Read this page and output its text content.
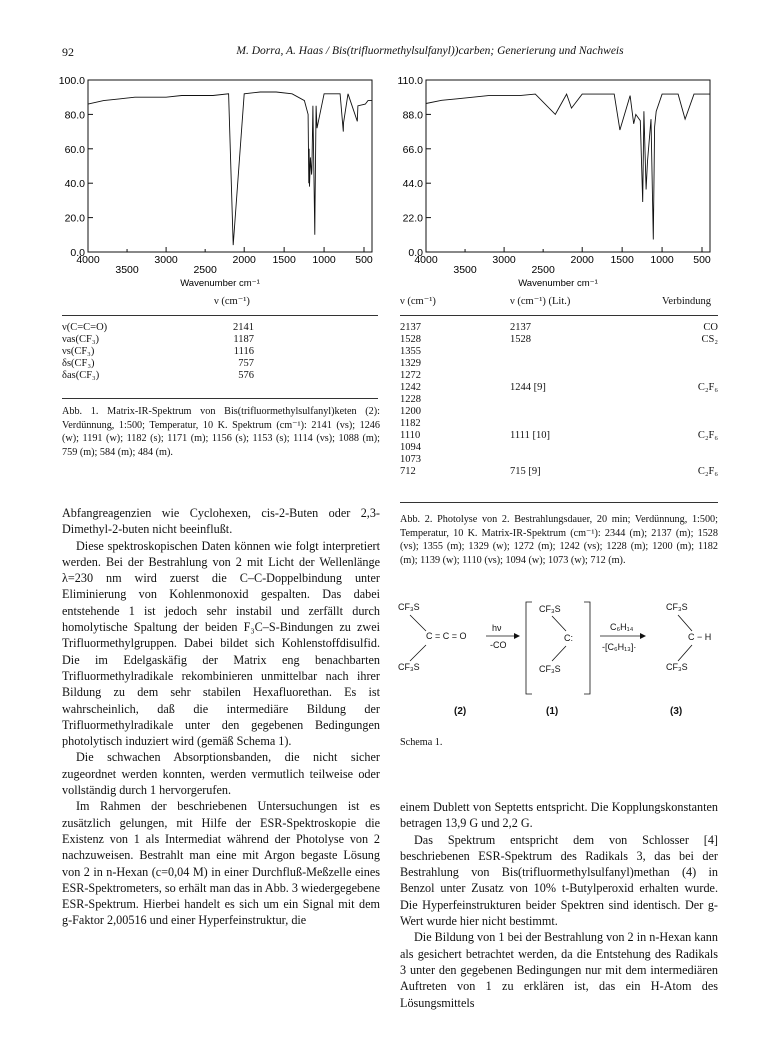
92	M. Dorra, A. Haas / Bis(trifluormethylsulfanyl))carben; Generierung und Nachweis
0.0
20.0
40.0
60.0
80.0
100.0
4000	3000	2000 1500 1000 500
3500	2500
Wavenumber cm⁻¹
0.0
22.0
44.0
66.0
88.0
110.0
4000	3000	2000 1500 1000 500
3500	2500
Wavenumber cm⁻¹
ν (cm⁻¹)
ν(C=C=O)	2141
νas(CF₃)	1187
νs(CF₃)	1116
δs(CF₃)	757
δas(CF₃)	576
Abb. 1. Matrix-IR-Spektrum von Bis(trifluormethylsulfanyl)keten (2): Verdünnung, 1:500; Temperatur, 10 K. Spektrum (cm⁻¹): 2141 (vs); 1246 (w); 1191 (w); 1182 (s); 1171 (m); 1156 (s); 1153 (s); 1114 (vs); 1088 (m); 759 (m); 584 (m); 484 (m).
ν (cm⁻¹)	ν (cm⁻¹) (Lit.)	Verbindung
2137	2137	CO
1528	1528	CS₂
1355
1329
1272
1242	1244 [9]	C₂F₆
1228
1200
1182
1110	1111 [10]	C₂F₆
1094
1073
712	715 [9]	C₂F₆
Abb. 2. Photolyse von 2. Bestrahlungsdauer, 20 min; Verdünnung, 1:500; Temperatur, 10 K. Matrix-IR-Spektrum (cm⁻¹): 2344 (m); 2137 (m); 1528 (vs); 1355 (m); 1329 (w); 1272 (m); 1242 (vs); 1228 (m); 1200 (m); 1182 (m); 1139 (w); 1110 (vs); 1094 (w); 1073 (w); 712 (m).
CF₃S
C = C = O
CF₃S
hν
-CO
CF₃S
C:
CF₃S
C₆H₁₄
-[C₆H₁₃]·
CF₃S
C − H
CF₃S
(2)	(1)	(3)
Schema 1.

Abfangreagenzien wie Cyclohexen, cis-2-Buten oder 2,3-Dimethyl-2-buten nicht beeinflußt.

Diese spektroskopischen Daten können wie folgt interpretiert werden. Bei der Bestrahlung von 2 mit Licht der Wellenlänge λ=230 nm wird zuerst die C–C-Doppelbindung unter Eliminierung von Kohlenmonoxid gespalten. Das dabei entstehende 1 ist jedoch sehr instabil und zerfällt durch homolytische Spaltung der beiden F₃C–S-Bindungen zu zwei Trifluormethylgruppen. Dabei bildet sich Kohlenstoffdisulfid. Die im Edelgaskäfig der Matrix eng benachbarten Trifluormethylradikale rekombinieren unmittelbar nach ihrer Bildung zu dem sehr stabilen Hexafluorethan. Es ist wahrscheinlich, daß die intermediäre Bildung der Trifluormethylradikale unter den gegebenen Bedingungen photolytisch induziert wird (gemäß Schema 1).

Die schwachen Absorptionsbanden, die nicht sicher zugeordnet werden konnten, werden vermutlich teilweise oder vollständig durch 1 hervorgerufen.

Im Rahmen der beschriebenen Untersuchungen ist es zusätzlich gelungen, mit Hilfe der ESR-Spektroskopie die Existenz von 1 als Intermediat während der Photolyse von 2 nachzuweisen. Bestrahlt man eine mit Argon begaste Lösung von 2 in n-Hexan (c=0,04 M) in einer Durchfluß-Meßzelle eines ESR-Spektrometers, so erhält man das in Abb. 3 wiedergegebene ESR-Spektrum. Hierbei handelt es sich um ein Signal mit dem g-Faktor 2,00516 und einer Hyperfeinstruktur, die

einem Dublett von Septetts entspricht. Die Kopplungskonstanten betragen 13,9 G und 2,2 G.

Das Spektrum entspricht dem von Schlosser [4] beschriebenen ESR-Spektrum des Radikals 3, das bei der Bestrahlung von Bis(trifluormethylsulfanyl)methan (4) in Benzol unter Zusatz von 10% t-Butylperoxid erhalten wurde. Die Hyperfeinstrukturen beider Spektren sind identisch. Der g-Wert wurde hier nicht bestimmt.

Die Bildung von 1 bei der Bestrahlung von 2 in n-Hexan kann als gesichert betrachtet werden, da die Entstehung des Radikals 3 unter den gegebenen Bedingungen nur mit dem intermediären Auftreten von 1 zu erklären ist, das ein H-Atom des Lösungsmittels
